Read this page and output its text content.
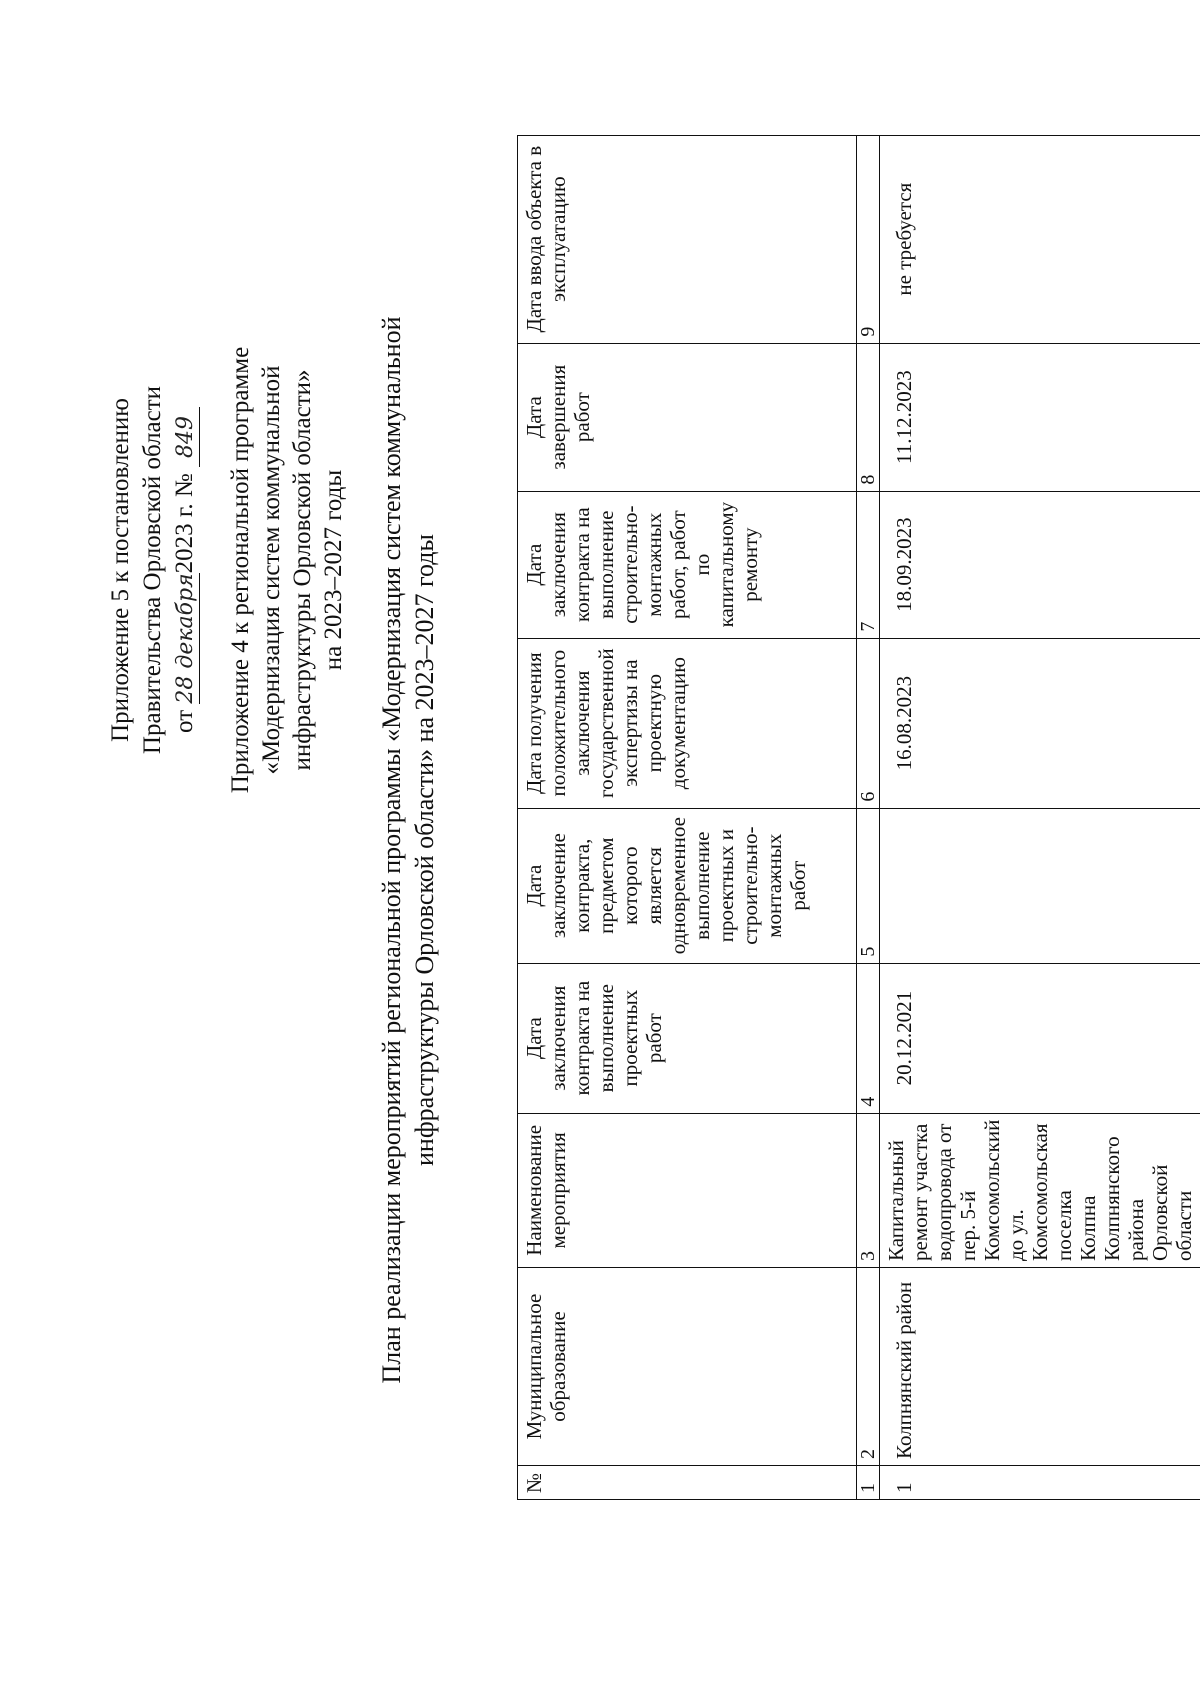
Приложение 5 к постановлению Правительства Орловской области от 28 декабря2023 г. № 849 Приложение 4 к региональной программе «Модернизация систем коммунальной инфраструктуры Орловской области» на 2023–2027 годы План реализации мероприятий региональной программы «Модернизация систем коммунальной инфраструктуры Орловской области» на 2023–2027 годы
№	Муниципальное образование	Наименование мероприятия	Дата заключения контракта на выполнение проектных работ	Дата заключение контракта, предметом которого является одновременное выполнение проектных и строительно-монтажных работ	Дата получения положительного заключения государственной экспертизы на проектную документацию	Дата заключения контракта на выполнение строительно-монтажных работ, работ по капитальному ремонту	Дата завершения работ	Дата ввода объекта в эксплуатацию
1	2	3	4	5	6	7	8	9
1	Колпнянский район	Капитальный ремонт участка водопровода от пер. 5-й Комсомольский до ул. Комсомольская поселка Колпна Колпнянского района Орловской области	20.12.2021		16.08.2023	18.09.2023	11.12.2023	не требуется
